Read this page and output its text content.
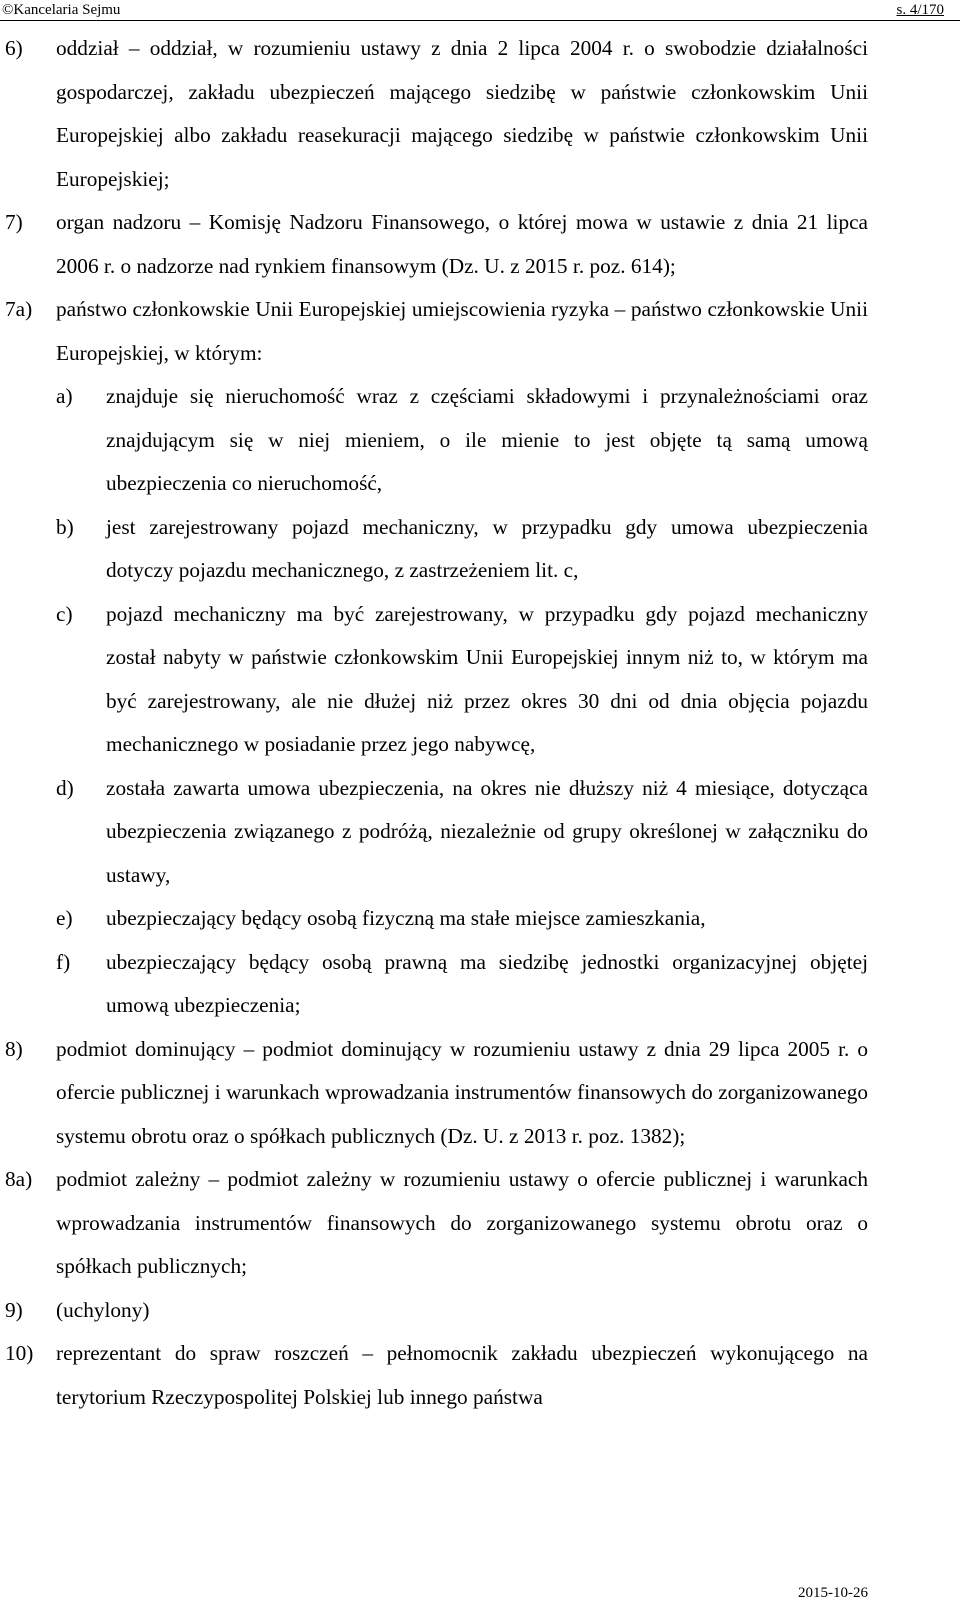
©Kancelaria Sejmu	s. 4/170
6) oddział – oddział, w rozumieniu ustawy z dnia 2 lipca 2004 r. o swobodzie działalności gospodarczej, zakładu ubezpieczeń mającego siedzibę w państwie członkowskim Unii Europejskiej albo zakładu reasekuracji mającego siedzibę w państwie członkowskim Unii Europejskiej;
7) organ nadzoru – Komisję Nadzoru Finansowego, o której mowa w ustawie z dnia 21 lipca 2006 r. o nadzorze nad rynkiem finansowym (Dz. U. z 2015 r. poz. 614);
7a) państwo członkowskie Unii Europejskiej umiejscowienia ryzyka – państwo członkowskie Unii Europejskiej, w którym:
a) znajduje się nieruchomość wraz z częściami składowymi i przynależnościami oraz znajdującym się w niej mieniem, o ile mienie to jest objęte tą samą umową ubezpieczenia co nieruchomość,
b) jest zarejestrowany pojazd mechaniczny, w przypadku gdy umowa ubezpieczenia dotyczy pojazdu mechanicznego, z zastrzeżeniem lit. c,
c) pojazd mechaniczny ma być zarejestrowany, w przypadku gdy pojazd mechaniczny został nabyty w państwie członkowskim Unii Europejskiej innym niż to, w którym ma być zarejestrowany, ale nie dłużej niż przez okres 30 dni od dnia objęcia pojazdu mechanicznego w posiadanie przez jego nabywcę,
d) została zawarta umowa ubezpieczenia, na okres nie dłuższy niż 4 miesiące, dotycząca ubezpieczenia związanego z podróżą, niezależnie od grupy określonej w załączniku do ustawy,
e) ubezpieczający będący osobą fizyczną ma stałe miejsce zamieszkania,
f) ubezpieczający będący osobą prawną ma siedzibę jednostki organizacyjnej objętej umową ubezpieczenia;
8) podmiot dominujący – podmiot dominujący w rozumieniu ustawy z dnia 29 lipca 2005 r. o ofercie publicznej i warunkach wprowadzania instrumentów finansowych do zorganizowanego systemu obrotu oraz o spółkach publicznych (Dz. U. z 2013 r. poz. 1382);
8a) podmiot zależny – podmiot zależny w rozumieniu ustawy o ofercie publicznej i warunkach wprowadzania instrumentów finansowych do zorganizowanego systemu obrotu oraz o spółkach publicznych;
9) (uchylony)
10) reprezentant do spraw roszczeń – pełnomocnik zakładu ubezpieczeń wykonującego na terytorium Rzeczypospolitej Polskiej lub innego państwa
2015-10-26
